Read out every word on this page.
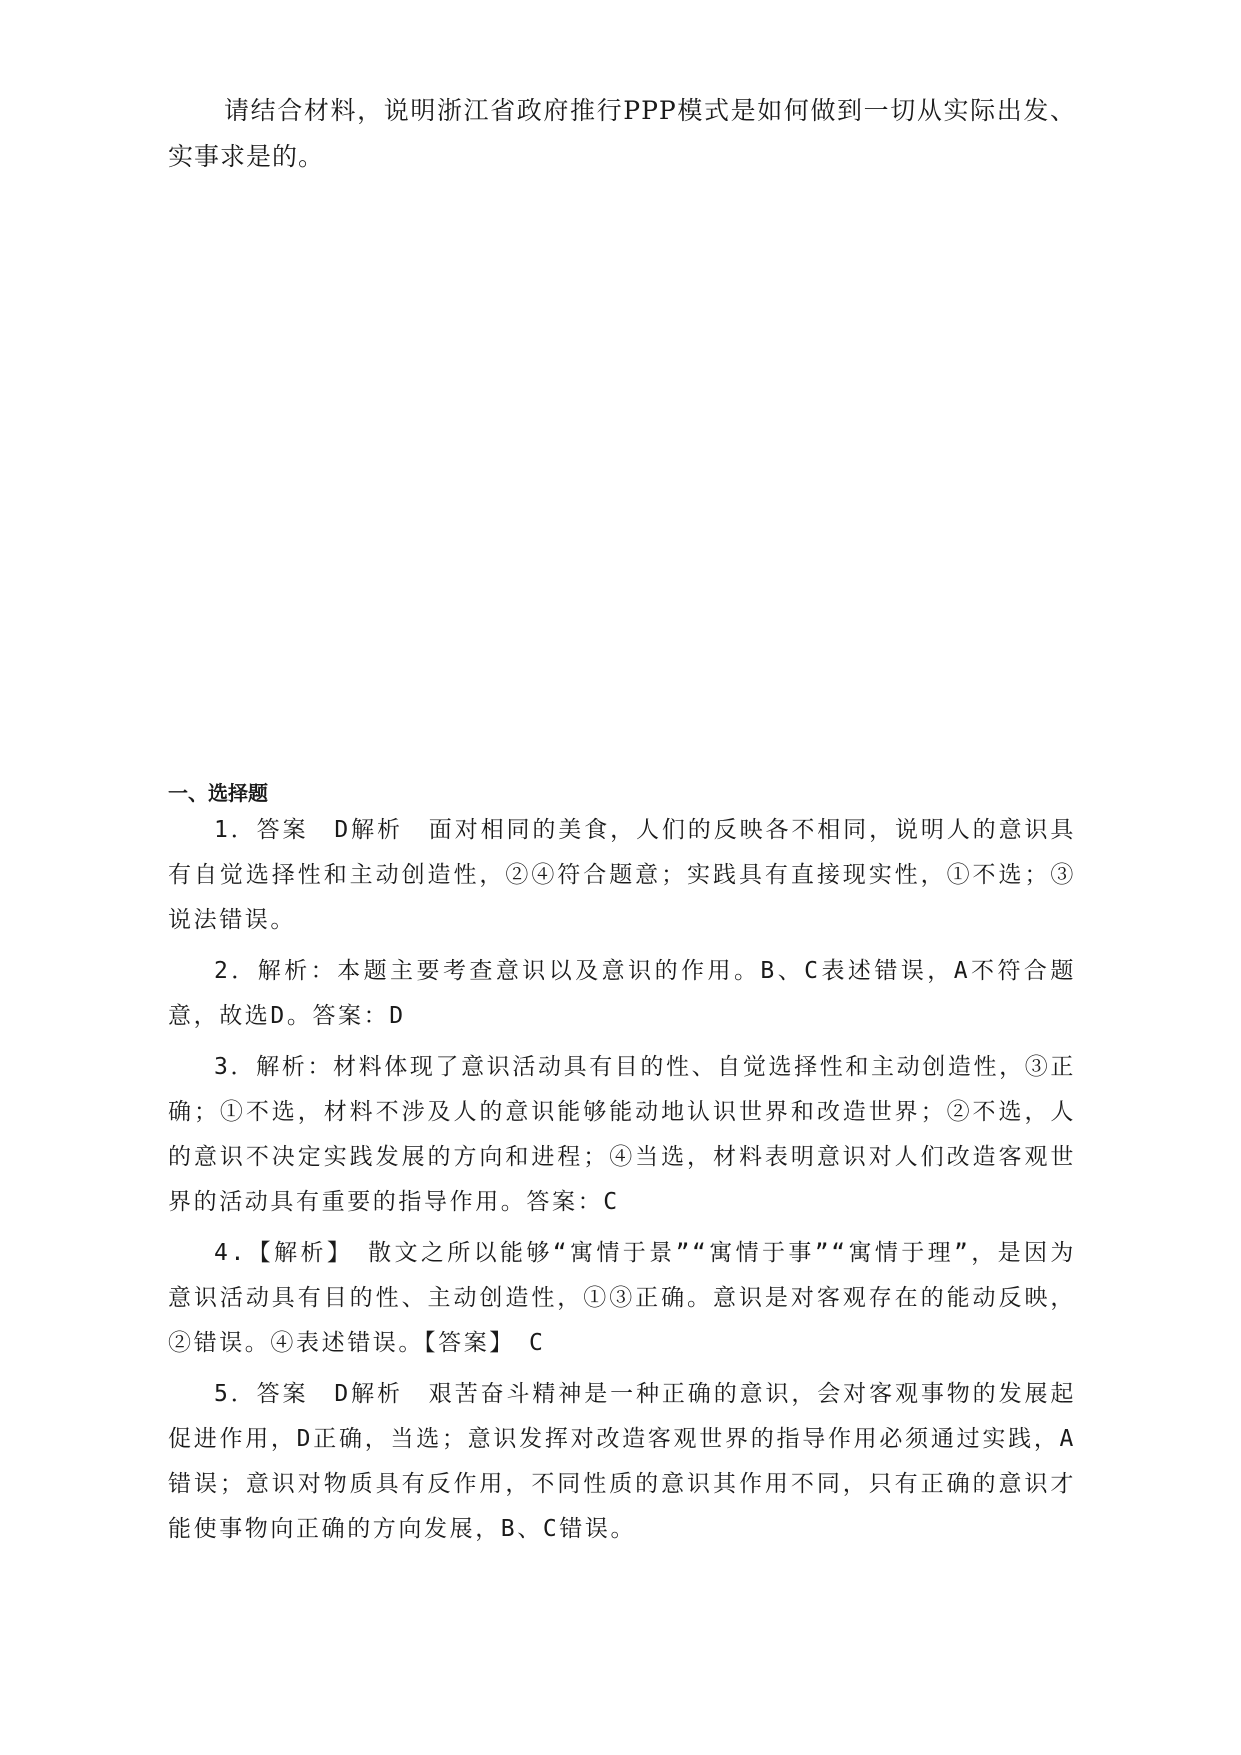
请结合材料，说明浙江省政府推行PPP模式是如何做到一切从实际出发、实事求是的。

一、选择题

1．答案　D解析　面对相同的美食，人们的反映各不相同，说明人的意识具有自觉选择性和主动创造性，②④符合题意；实践具有直接现实性，①不选；③说法错误。

2．解析：本题主要考查意识以及意识的作用。B、C表述错误，A不符合题意，故选D。答案：D

3．解析：材料体现了意识活动具有目的性、自觉选择性和主动创造性，③正确；①不选，材料不涉及人的意识能够能动地认识世界和改造世界；②不选，人的意识不决定实践发展的方向和进程；④当选，材料表明意识对人们改造客观世界的活动具有重要的指导作用。答案：C

4.【解析】　散文之所以能够“寓情于景”“寓情于事”“寓情于理”，是因为意识活动具有目的性、主动创造性，①③正确。意识是对客观存在的能动反映，②错误。④表述错误。【答案】　C

5．答案　D解析　艰苦奋斗精神是一种正确的意识，会对客观事物的发展起促进作用，D正确，当选；意识发挥对改造客观世界的指导作用必须通过实践，A错误；意识对物质具有反作用，不同性质的意识其作用不同，只有正确的意识才能使事物向正确的方向发展，B、C错误。
